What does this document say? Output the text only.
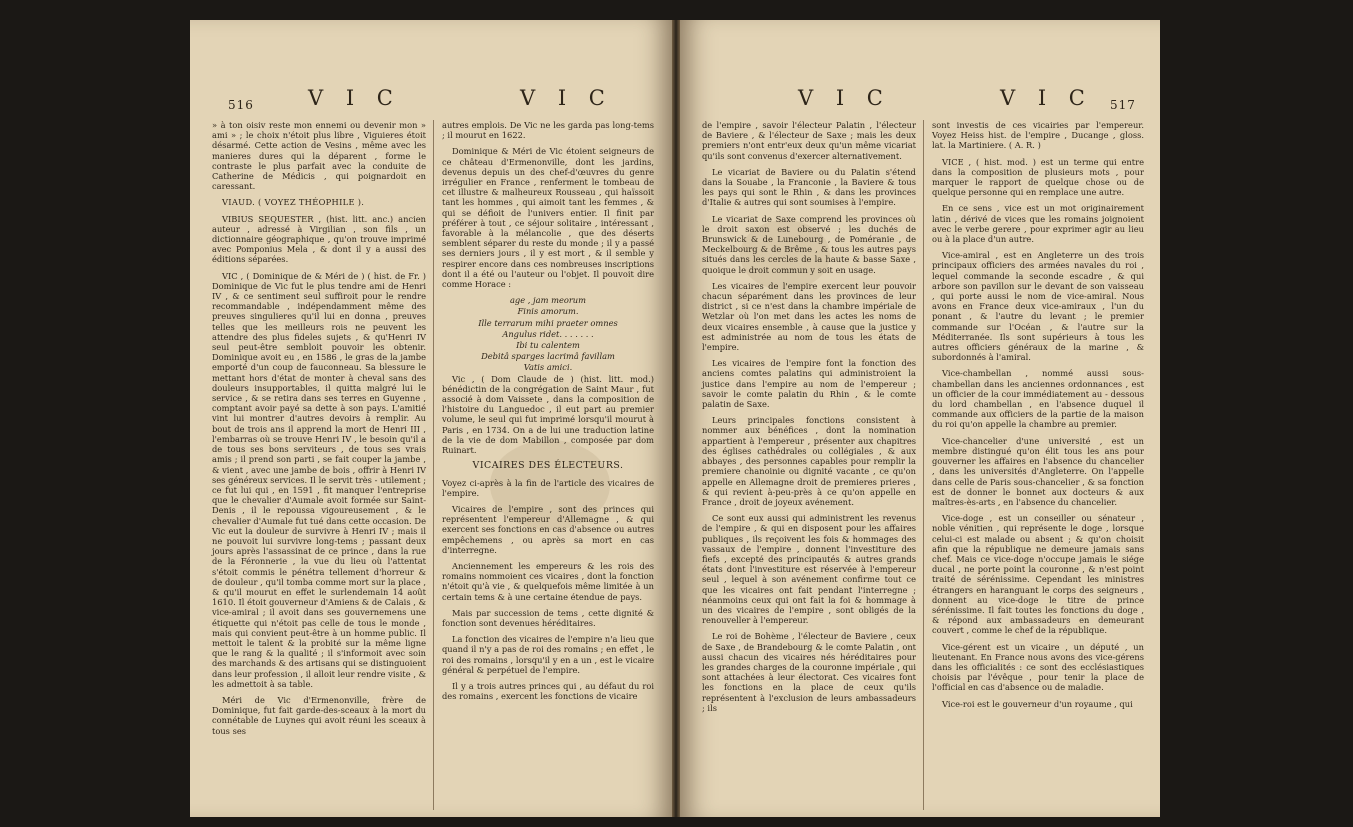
516	V I C	V I C

» à ton oisiv reste mon ennemi ou devenir mon » ami » ; le choix n'étoit plus libre , Viguieres étoit désarmé. Cette action de Vesins , même avec les manieres dures qui la déparent , forme le contraste le plus parfait avec la conduite de Catherine de Médicis , qui poignardoit en caressant.

VIAUD. ( VOYEZ THÉOPHILE ).

VIBIUS SEQUESTER , (hist. litt. anc.) ancien auteur , adressé à Virgilian , son fils , un dictionnaire géographique , qu'on trouve imprimé avec Pomponius Mela , & dont il y a aussi des éditions séparées.

VIC , ( Dominique de & Méri de ) ( hist. de Fr. ) Dominique de Vic fut le plus tendre ami de Henri IV , & ce sentiment seul suffiroit pour le rendre recommandable , indépendamment même des preuves singulieres qu'il lui en donna , preuves telles que les meilleurs rois ne peuvent les attendre des plus fideles sujets , & qu'Henri IV seul peut-être sembloit pouvoir les obtenir. Dominique avoit eu , en 1586 , le gras de la jambe emporté d'un coup de fauconneau. Sa blessure le mettant hors d'état de monter à cheval sans des douleurs insupportables, il quitta malgré lui le service , & se retira dans ses terres en Guyenne , comptant avoir payé sa dette à son pays. L'amitié vint lui montrer d'autres devoirs à remplir. Au bout de trois ans il apprend la mort de Henri III , l'embarras où se trouve Henri IV , le besoin qu'il a de tous ses bons serviteurs , de tous ses vrais amis ; il prend son parti , se fait couper la jambe , & vient , avec une jambe de bois , offrir à Henri IV ses généreux services. Il le servit très - utilement ; ce fut lui qui , en 1591 , fit manquer l'entreprise que le chevalier d'Aumale avoit formée sur Saint-Denis , il le repoussa vigoureusement , & le chevalier d'Aumale fut tué dans cette occasion. De Vic eut la douleur de survivre à Henri IV ; mais il ne pouvoit lui survivre long-tems ; passant deux jours après l'assassinat de ce prince , dans la rue de la Féronnerie , la vue du lieu où l'attentat s'étoit commis le pénétra tellement d'horreur & de douleur , qu'il tomba comme mort sur la place , & qu'il mourut en effet le surlendemain 14 août 1610. Il étoit gouverneur d'Amiens & de Calais , & vice-amiral ; il avoit dans ses gouvernemens une étiquette qui n'étoit pas celle de tous le monde , mais qui convient peut-être à un homme public. Il mettoit le talent & la probité sur la même ligne que le rang & la qualité ; il s'informoit avec soin des marchands & des artisans qui se distinguoient dans leur profession , il alloit leur rendre visite , & les admettoit à sa table.

Méri de Vic d'Ermenonville, frère de Dominique, fut fait garde-des-sceaux à la mort du connétable de Luynes qui avoit réuni les sceaux à tous ses

autres emplois. De Vic ne les garda pas long-tems ; il mourut en 1622.

Dominique & Méri de Vic étoient seigneurs de ce château d'Ermenonville, dont les jardins, devenus depuis un des chef-d'œuvres du genre irrégulier en France , renferment le tombeau de cet illustre & malheureux Rousseau , qui haïssoit tant les hommes , qui aimoit tant les femmes , & qui se défioit de l'univers entier. Il finit par préférer à tout , ce séjour solitaire , intéressant , favorable à la mélancolie , que des déserts semblent séparer du reste du monde ; il y a passé ses derniers jours , il y est mort , & il semble y respirer encore dans ces nombreuses inscriptions dont il a été ou l'auteur ou l'objet. Il pouvoit dire comme Horace :

age , jam meorum

Finis amorum.

Ille terrarum mihi praeter omnes

Angulus ridet. . . . . . .

Ibi tu calentem

Debitâ sparges lacrimâ favillam

Vatis amici.

Vic , ( Dom Claude de ) (hist. litt. mod.) bénédictin de la congrégation de Saint Maur , fut associé à dom Vaissete , dans la composition de l'histoire du Languedoc , il eut part au premier volume, le seul qui fut imprimé lorsqu'il mourut à Paris , en 1734. On a de lui une traduction latine de la vie de dom Mabillon , composée par dom Ruinart.

VICAIRES DES ÉLECTEURS.

Voyez ci-après à la fin de l'article des vicaires de l'empire.

Vicaires de l'empire , sont des princes qui représentent l'empereur d'Allemagne , & qui exercent ses fonctions en cas d'absence ou autres empêchemens , ou après sa mort en cas d'interregne.

Anciennement les empereurs & les rois des romains nommoient ces vicaires , dont la fonction n'étoit qu'à vie , & quelquefois même limitée à un certain tems & à une certaine étendue de pays.

Mais par succession de tems , cette dignité & fonction sont devenues héréditaires.

La fonction des vicaires de l'empire n'a lieu que quand il n'y a pas de roi des romains ; en effet , le roi des romains , lorsqu'il y en a un , est le vicaire général & perpétuel de l'empire.

Il y a trois autres princes qui , au défaut du roi des romains , exercent les fonctions de vicaire

V I C	V I C 517

de l'empire , savoir l'électeur Palatin , l'électeur de Baviere , & l'électeur de Saxe ; mais les deux premiers n'ont entr'eux deux qu'un même vicariat qu'ils sont convenus d'exercer alternativement.

Le vicariat de Baviere ou du Palatin s'étend dans la Souabe , la Franconie , la Baviere & tous les pays qui sont le Rhin , & dans les provinces d'Italie & autres qui sont soumises à l'empire.

Le vicariat de Saxe comprend les provinces où le droit saxon est observé ; les duchés de Brunswick & de Lunebourg , de Poméranie , de Meckelbourg & de Brême , & tous les autres pays situés dans les cercles de la haute & basse Saxe , quoique le droit commun y soit en usage.

Les vicaires de l'empire exercent leur pouvoir chacun séparément dans les provinces de leur district , si ce n'est dans la chambre impériale de Wetzlar où l'on met dans les actes les noms de deux vicaires ensemble , à cause que la justice y est administrée au nom de tous les états de l'empire.

Les vicaires de l'empire font la fonction des anciens comtes palatins qui administroient la justice dans l'empire au nom de l'empereur ; savoir le comte palatin du Rhin , & le comte palatin de Saxe.

Leurs principales fonctions consistent à nommer aux bénéfices , dont la nomination appartient à l'empereur , présenter aux chapitres des églises cathédrales ou collégiales , & aux abbayes , des personnes capables pour remplir la premiere chanoinie ou dignité vacante , ce qu'on appelle en Allemagne droit de premieres prieres , & qui revient à-peu-près à ce qu'on appelle en France , droit de joyeux avénement.

Ce sont eux aussi qui administrent les revenus de l'empire , & qui en disposent pour les affaires publiques , ils reçoivent les fois & hommages des vassaux de l'empire , donnent l'investiture des fiefs , excepté des principautés & autres grands états dont l'investiture est réservée à l'empereur seul , lequel à son avénement confirme tout ce que les vicaires ont fait pendant l'interregne ; néanmoins ceux qui ont fait la foi & hommage à un des vicaires de l'empire , sont obligés de la renouveller à l'empereur.

Le roi de Bohème , l'électeur de Baviere , ceux de Saxe , de Brandebourg & le comte Palatin , ont aussi chacun des vicaires nés héréditaires pour les grandes charges de la couronne impériale , qui sont attachées à leur électorat. Ces vicaires font les fonctions en la place de ceux qu'ils représentent à l'exclusion de leurs ambassadeurs ; ils

sont investis de ces vicairies par l'empereur. Voyez Heiss hist. de l'empire , Ducange , gloss. lat. la Martiniere. ( A. R. )

VICE , ( hist. mod. ) est un terme qui entre dans la composition de plusieurs mots , pour marquer le rapport de quelque chose ou de quelque personne qui en remplace une autre.

En ce sens , vice est un mot originairement latin , dérivé de vices que les romains joignoient avec le verbe gerere , pour exprimer agir au lieu ou à la place d'un autre.

Vice-amiral , est en Angleterre un des trois principaux officiers des armées navales du roi , lequel commande la seconde escadre , & qui arbore son pavillon sur le devant de son vaisseau , qui porte aussi le nom de vice-amiral. Nous avons en France deux vice-amiraux , l'un du ponant , & l'autre du levant ; le premier commande sur l'Océan , & l'autre sur la Méditerranée. Ils sont supérieurs à tous les autres officiers généraux de la marine , & subordonnés à l'amiral.

Vice-chambellan , nommé aussi sous-chambellan dans les anciennes ordonnances , est un officier de la cour immédiatement au - dessous du lord chambellan , en l'absence duquel il commande aux officiers de la partie de la maison du roi qu'on appelle la chambre au premier.

Vice-chancelier d'une université , est un membre distingué qu'on élit tous les ans pour gouverner les affaires en l'absence du chancelier , dans les universités d'Angleterre. On l'appelle dans celle de Paris sous-chancelier , & sa fonction est de donner le bonnet aux docteurs & aux maîtres-ès-arts , en l'absence du chancelier.

Vice-doge , est un conseiller ou sénateur , noble vénitien , qui représente le doge , lorsque celui-ci est malade ou absent ; & qu'on choisit afin que la république ne demeure jamais sans chef. Mais ce vice-doge n'occupe jamais le siége ducal , ne porte point la couronne , & n'est point traité de sérénissime. Cependant les ministres étrangers en haranguant le corps des seigneurs , donnent au vice-doge le titre de prince sérénissime. Il fait toutes les fonctions du doge , & répond aux ambassadeurs en demeurant couvert , comme le chef de la république.

Vice-gérent est un vicaire , un député , un lieutenant. En France nous avons des vice-gérens dans les officialités : ce sont des ecclésiastiques choisis par l'évêque , pour tenir la place de l'official en cas d'absence ou de maladie.

Vice-roi est le gouverneur d'un royaume , qui
